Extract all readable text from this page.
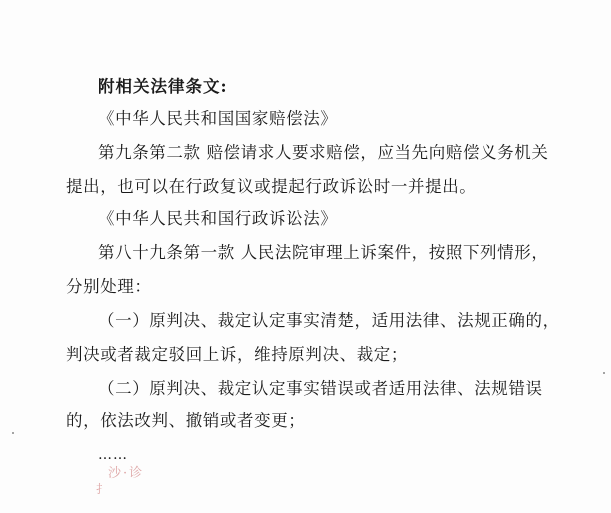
附相关法律条文:
《中华人民共和国国家赔偿法》
第九条第二款 赔偿请求人要求赔偿，应当先向赔偿义务机关
提出，也可以在行政复议或提起行政诉讼时一并提出。
《中华人民共和国行政诉讼法》
第八十九条第一款 人民法院审理上诉案件，按照下列情形，
分别处理：
（一）原判决、裁定认定事实清楚，适用法律、法规正确的，
判决或者裁定驳回上诉，维持原判决、裁定；
（二）原判决、裁定认定事实错误或者适用法律、法规错误
的，依法改判、撤销或者变更；
……
沙·诊
扌
